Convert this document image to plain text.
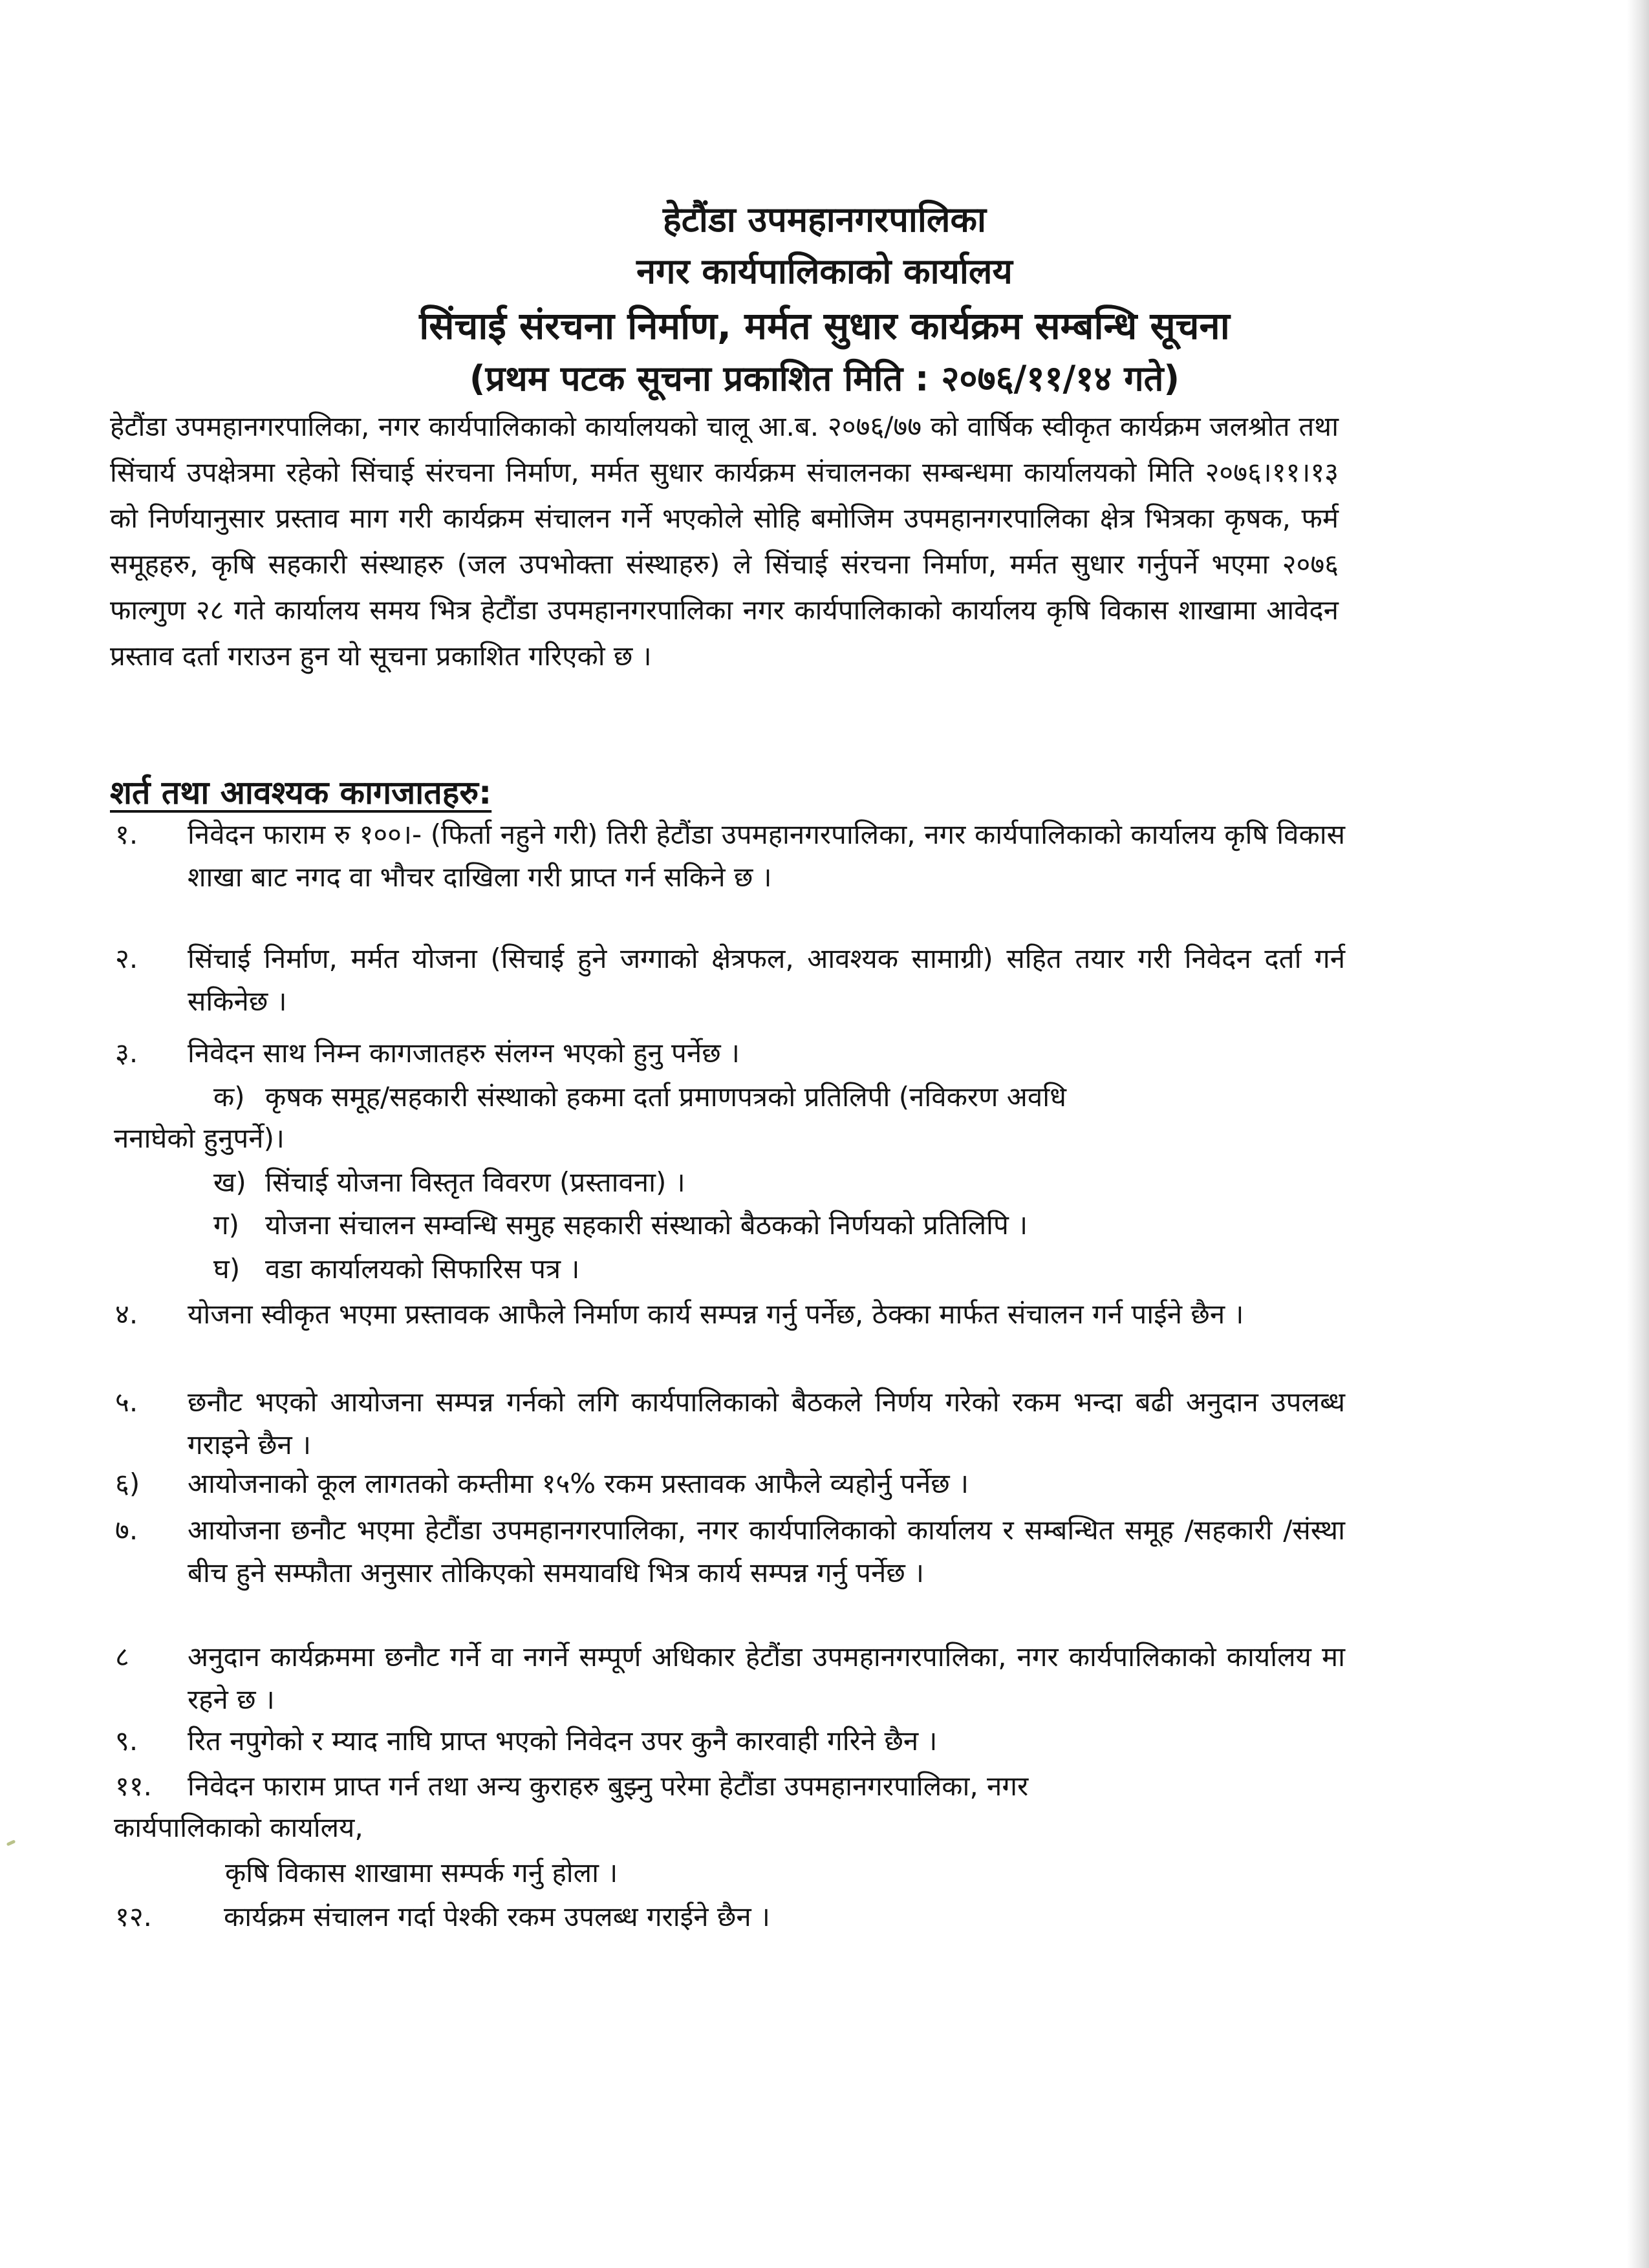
हेटौंडा उपमहानगरपालिका
नगर कार्यपालिकाको कार्यालय
सिंचाई संरचना निर्माण, मर्मत सुधार कार्यक्रम सम्बन्धि सूचना
(प्रथम पटक सूचना प्रकाशित मिति : २०७६/११/१४ गते)
हेटौंडा उपमहानगरपालिका, नगर कार्यपालिकाको कार्यालयको चालू आ.ब. २०७६/७७ को वार्षिक स्वीकृत कार्यक्रम जलश्रोत तथा सिंचार्य उपक्षेत्रमा रहेको सिंचाई संरचना निर्माण, मर्मत सुधार कार्यक्रम संचालनका सम्बन्धमा कार्यालयको मिति २०७६।११।१३ को निर्णयानुसार प्रस्ताव माग गरी कार्यक्रम संचालन गर्ने भएकोले सोहि बमोजिम उपमहानगरपालिका क्षेत्र भित्रका कृषक, फर्म समूहहरु, कृषि सहकारी संस्थाहरु (जल उपभोक्ता संस्थाहरु) ले सिंचाई संरचना निर्माण, मर्मत सुधार गर्नुपर्ने भएमा २०७६ फाल्गुण २८ गते कार्यालय समय भित्र हेटौंडा उपमहानगरपालिका नगर कार्यपालिकाको कार्यालय कृषि विकास शाखामा आवेदन प्रस्ताव दर्ता गराउन हुन यो सूचना प्रकाशित गरिएको छ ।
शर्त तथा आवश्यक कागजातहरु:
१. निवेदन फाराम रु १००।- (फिर्ता नहुने गरी) तिरी हेटौंडा उपमहानगरपालिका, नगर कार्यपालिकाको कार्यालय कृषि विकास शाखा बाट नगद वा भौचर दाखिला गरी प्राप्त गर्न सकिने छ ।
२. सिंचाई निर्माण, मर्मत योजना (सिचाई हुने जग्गाको क्षेत्रफल, आवश्यक सामाग्री) सहित तयार गरी निवेदन दर्ता गर्न सकिनेछ ।
३. निवेदन साथ निम्न कागजातहरु संलग्न भएको हुनु पर्नेछ ।
क) कृषक समूह/सहकारी संस्थाको हकमा दर्ता प्रमाणपत्रको प्रतिलिपी (नविकरण अवधि
ननाघेको हुनुपर्ने)।
ख) सिंचाई योजना विस्तृत विवरण (प्रस्तावना) ।
ग) योजना संचालन सम्वन्धि समुह सहकारी संस्थाको बैठकको निर्णयको प्रतिलिपि ।
घ) वडा कार्यालयको सिफारिस पत्र ।
४. योजना स्वीकृत भएमा प्रस्तावक आफैले निर्माण कार्य सम्पन्न गर्नु पर्नेछ, ठेक्का मार्फत संचालन गर्न पाईने छैन ।
५. छनौट भएको आयोजना सम्पन्न गर्नको लगि कार्यपालिकाको बैठकले निर्णय गरेको रकम भन्दा बढी अनुदान उपलब्ध गराइने छैन ।
६) आयोजनाको कूल लागतको कम्तीमा १५% रकम प्रस्तावक आफैले व्यहोर्नु पर्नेछ ।
७. आयोजना छनौट भएमा हेटौंडा उपमहानगरपालिका, नगर कार्यपालिकाको कार्यालय र सम्बन्धित समूह /सहकारी /संस्था बीच हुने सम्फौता अनुसार तोकिएको समयावधि भित्र कार्य सम्पन्न गर्नु पर्नेछ ।
८ अनुदान कार्यक्रममा छनौट गर्ने वा नगर्ने सम्पूर्ण अधिकार हेटौंडा उपमहानगरपालिका, नगर कार्यपालिकाको कार्यालय मा रहने छ ।
९. रित नपुगेको र म्याद नाघि प्राप्त भएको निवेदन उपर कुनै कारवाही गरिने छैन ।
११. निवेदन फाराम प्राप्त गर्न तथा अन्य कुराहरु बुझ्नु परेमा हेटौंडा उपमहानगरपालिका, नगर
कार्यपालिकाको कार्यालय,
कृषि विकास शाखामा सम्पर्क गर्नु होला ।
१२.	कार्यक्रम संचालन गर्दा पेश्की रकम उपलब्ध गराईने छैन ।
